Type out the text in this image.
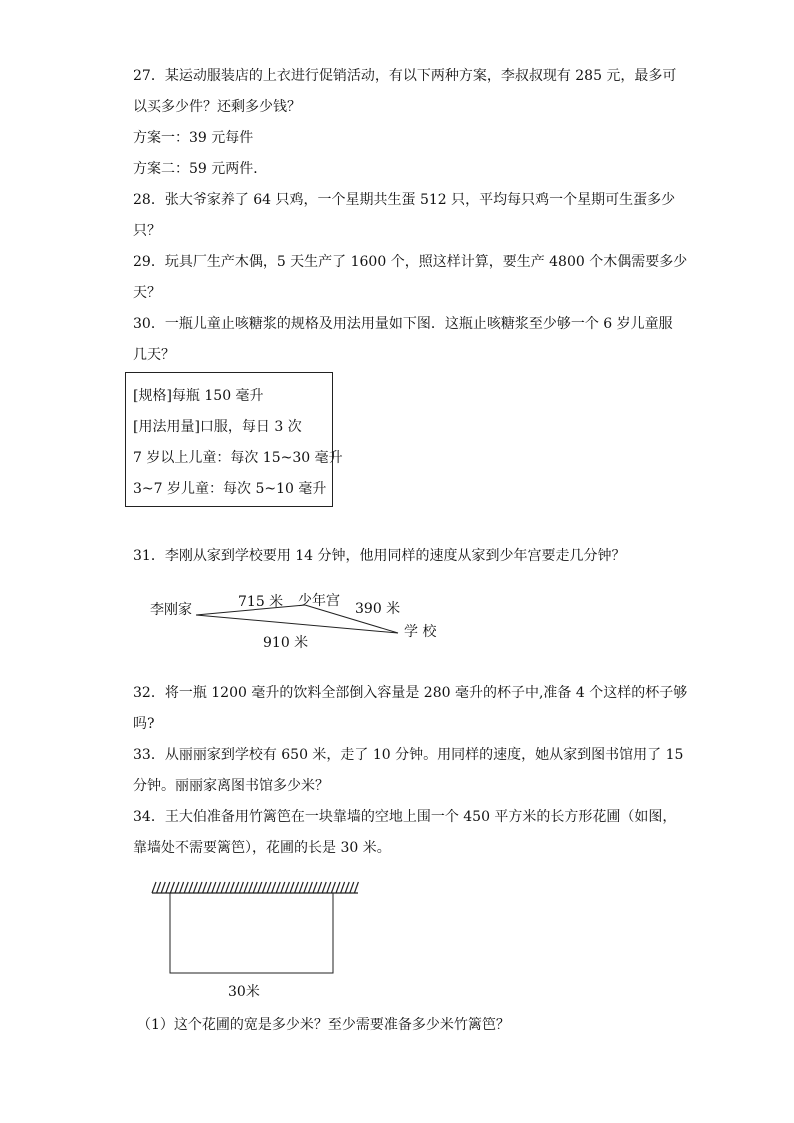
27．某运动服装店的上衣进行促销活动，有以下两种方案，李叔叔现有 285 元，最多可
以买多少件？还剩多少钱？
方案一：39 元每件
方案二：59 元两件．
28．张大爷家养了 64 只鸡，一个星期共生蛋 512 只，平均每只鸡一个星期可生蛋多少
只？
29．玩具厂生产木偶，5 天生产了 1600 个，照这样计算，要生产 4800 个木偶需要多少
天？
30．一瓶儿童止咳糖浆的规格及用法用量如下图．这瓶止咳糖浆至少够一个 6 岁儿童服
几天？
[规格]每瓶 150 毫升
[用法用量]口服，每日 3 次
7 岁以上儿童：每次 15~30 毫升
3~7 岁儿童：每次 5~10 毫升
31．李刚从家到学校要用 14 分钟，他用同样的速度从家到少年宫要走几分钟？
李刚家
少年宫
学 校
715 米	390 米
910 米
32．将一瓶 1200 毫升的饮料全部倒入容量是 280 毫升的杯子中,准备 4 个这样的杯子够
吗?
33．从丽丽家到学校有 650 米，走了 10 分钟。用同样的速度，她从家到图书馆用了 15
分钟。丽丽家离图书馆多少米？
34．王大伯准备用竹篱笆在一块靠墙的空地上围一个 450 平方米的长方形花圃（如图，
靠墙处不需要篱笆），花圃的长是 30 米。
30米
（1）这个花圃的宽是多少米？至少需要准备多少米竹篱笆？
